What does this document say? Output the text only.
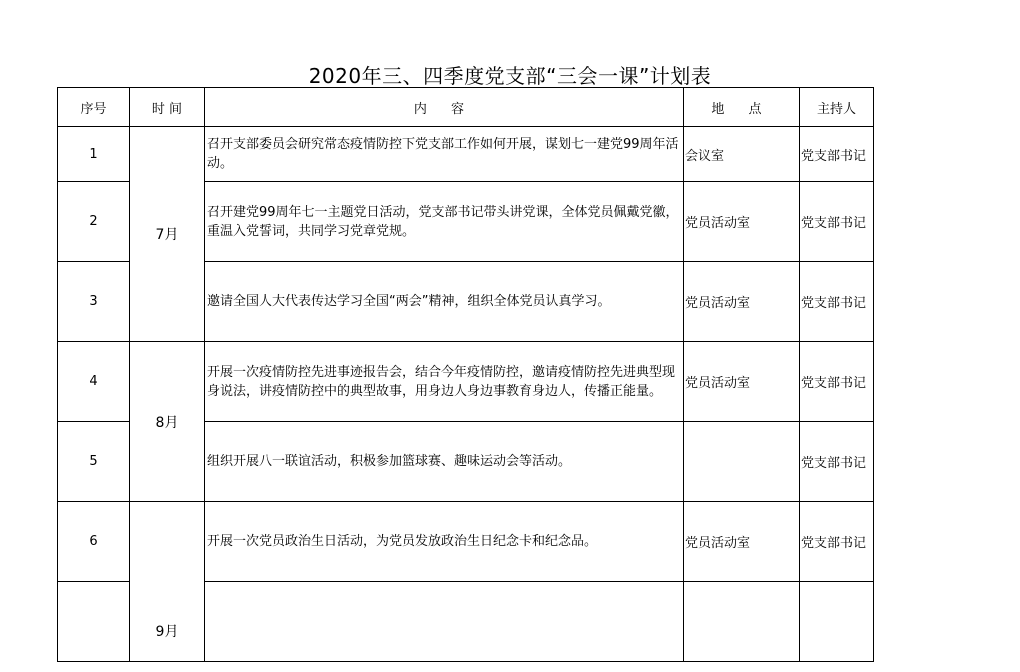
2020年三、四季度党支部“三会一课”计划表
序号	时 间	内 容	地 点	主持人
1	7月	召开支部委员会研究常态疫情防控下党支部工作如何开展，谋划七一建党99周年活动。	会议室	党支部书记
2		召开建党99周年七一主题党日活动，党支部书记带头讲党课，全体党员佩戴党徽，重温入党誓词，共同学习党章党规。	党员活动室	党支部书记
3		邀请全国人大代表传达学习全国“两会”精神，组织全体党员认真学习。	党员活动室	党支部书记
4	8月	开展一次疫情防控先进事迹报告会，结合今年疫情防控，邀请疫情防控先进典型现身说法，讲疫情防控中的典型故事，用身边人身边事教育身边人，传播正能量。	党员活动室	党支部书记
5		组织开展八一联谊活动，积极参加篮球赛、趣味运动会等活动。		党支部书记
6	9月	开展一次党员政治生日活动，为党员发放政治生日纪念卡和纪念品。	党员活动室	党支部书记
